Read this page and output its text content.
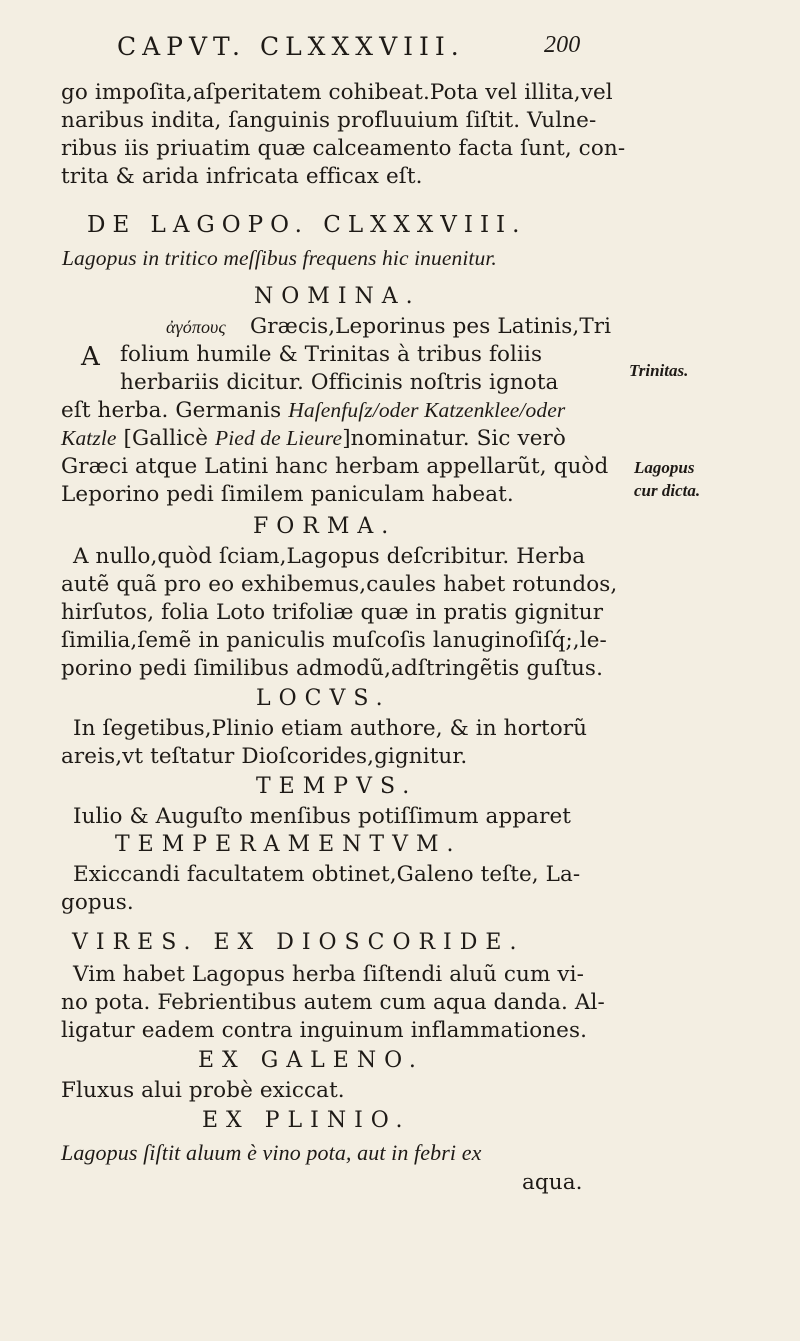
CAPVT. CLXXXVIII.	200
go impoſita,aſperitatem cohibeat.Pota vel illita,vel
naribus indita, ſanguinis profluuium ſiſtit. Vulne-
ribus iis priuatim quæ calceamento facta ſunt, con-
trita & arida infricata efficax eſt.
DE LAGOPO. CLXXXVIII.
Lagopus in tritico meſſibus frequens hic inuenitur.
NOMINA.
ἀγόπους Græcis,Leporinus pes Latinis,Tri
A folium humile & Trinitas à tribus foliis
herbariis dicitur. Officinis noſtris ignota
eſt herba. Germanis Haſenfuſz/oder Katzenklee/oder
Katzle [Gallicè Pied de Lieure]nominatur. Sic verò
Græci atque Latini hanc herbam appellarũt, quòd
Leporino pedi ſimilem paniculam habeat.
FORMA.
A nullo,quòd ſciam,Lagopus deſcribitur. Herba
autẽ quã pro eo exhibemus,caules habet rotundos,
hirſutos, folia Loto trifoliæ quæ in pratis gignitur
ſimilia,ſemẽ in paniculis muſcoſis lanuginoſiſq́;,le-
porino pedi ſimilibus admodũ,adſtringẽtis guſtus.
LOCVS.
In ſegetibus,Plinio etiam authore, & in hortorũ
areis,vt teſtatur Dioſcorides,gignitur.
TEMPVS.
Iulio & Auguſto menſibus potiſſimum apparet
TEMPERAMENTVM.
Exiccandi facultatem obtinet,Galeno teſte, La-
gopus.
VIRES. EX DIOSCORIDE.
Vim habet Lagopus herba ſiſtendi aluũ cum vi-
no pota. Febrientibus autem cum aqua danda. Al-
ligatur eadem contra inguinum inflammationes.
EX GALENO.
Fluxus alui probè exiccat.
EX PLINIO.
Lagopus ſiſtit aluum è vino pota, aut in febri ex
aqua.
Trinitas.
Lagopus
cur dicta.
